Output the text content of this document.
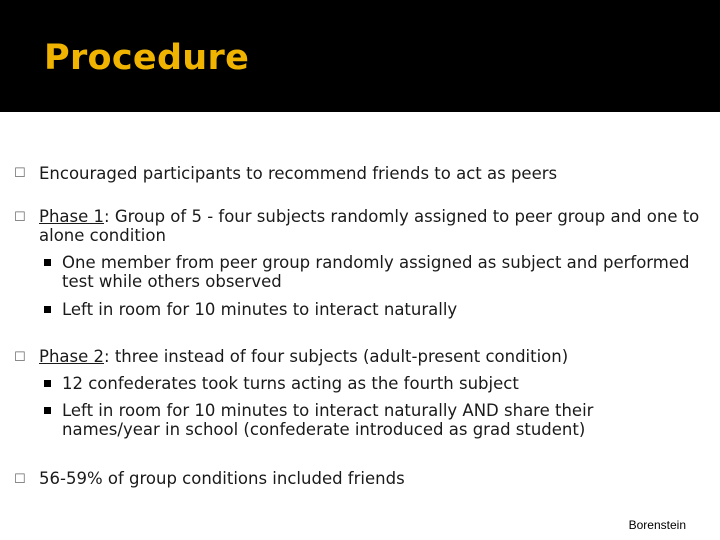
Procedure
☐ Encouraged participants to recommend friends to act as peers
☐ Phase 1: Group of 5 - four subjects randomly assigned to peer group and one to alone condition
One member from peer group randomly assigned as subject and performed test while others observed
Left in room for 10 minutes to interact naturally
☐ Phase 2: three instead of four subjects (adult-present condition)
12 confederates took turns acting as the fourth subject
Left in room for 10 minutes to interact naturally AND share their names/year in school (confederate introduced as grad student)
☐ 56-59% of group conditions included friends
Borenstein
